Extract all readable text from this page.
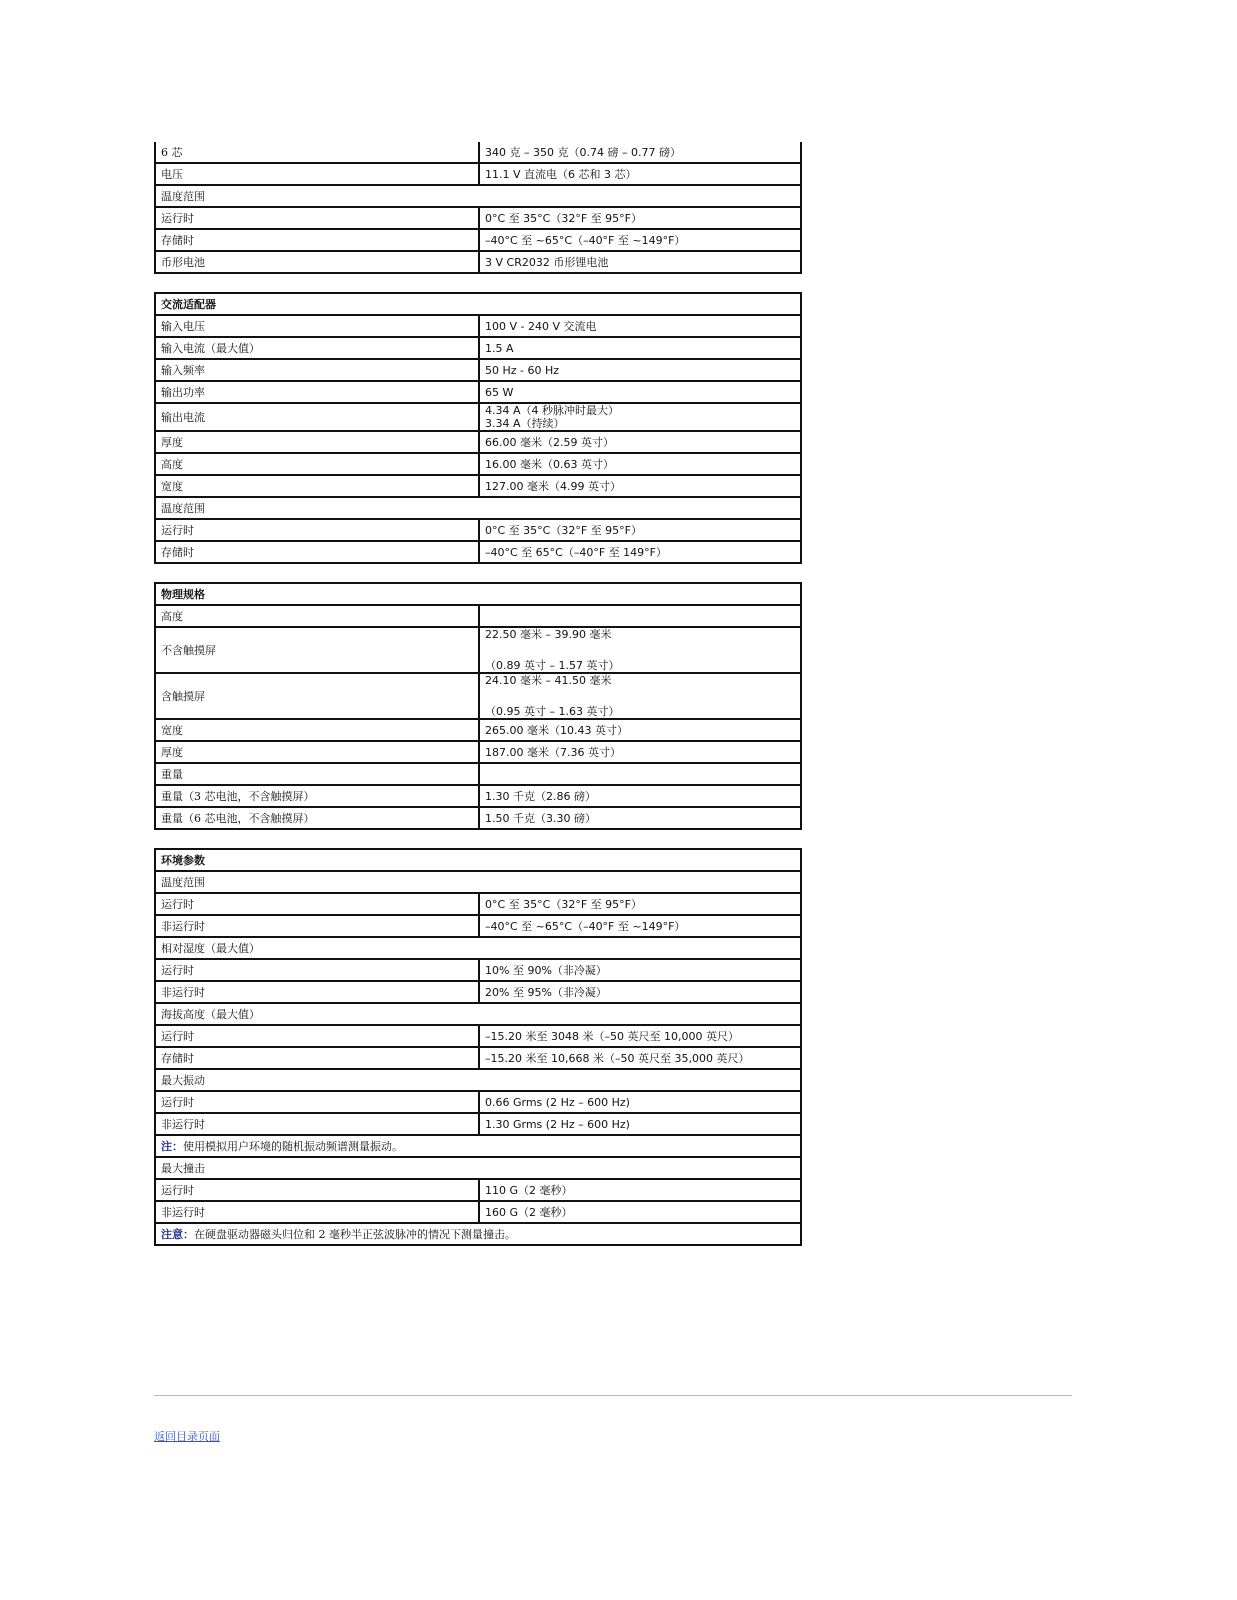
6 芯	340 克 – 350 克（0.74 磅 – 0.77 磅）
电压	11.1 V 直流电（6 芯和 3 芯）
温度范围	
运行时	0°C 至 35°C（32°F 至 95°F）
存储时	–40°C 至 ~65°C（–40°F 至 ~149°F）
币形电池	3 V CR2032 币形锂电池
交流适配器	
输入电压	100 V - 240 V 交流电
输入电流（最大值）	1.5 A
输入频率	50 Hz - 60 Hz
输出功率	65 W
输出电流	4.34 A（4 秒脉冲时最大）
3.34 A（持续）

厚度	66.00 毫米（2.59 英寸）
高度	16.00 毫米（0.63 英寸）
宽度	127.00 毫米（4.99 英寸）
温度范围	
运行时	0°C 至 35°C（32°F 至 95°F）
存储时	–40°C 至 65°C（–40°F 至 149°F）
物理规格	
高度	
不含触摸屏	22.50 毫米 – 39.90 毫米
（0.89 英寸 – 1.57 英寸）

含触摸屏	24.10 毫米 – 41.50 毫米
（0.95 英寸 – 1.63 英寸）

宽度	265.00 毫米（10.43 英寸）
厚度	187.00 毫米（7.36 英寸）
重量	
重量（3 芯电池，不含触摸屏）	1.30 千克（2.86 磅）
重量（6 芯电池，不含触摸屏）	1.50 千克（3.30 磅）
环境参数	
温度范围	
运行时	0°C 至 35°C（32°F 至 95°F）
非运行时	–40°C 至 ~65°C（–40°F 至 ~149°F）
相对湿度（最大值）	
运行时	10% 至 90%（非冷凝）
非运行时	20% 至 95%（非冷凝）
海拔高度（最大值）	
运行时	–15.20 米至 3048 米（–50 英尺至 10,000 英尺）
存储时	–15.20 米至 10,668 米（–50 英尺至 35,000 英尺）
最大振动	
运行时	0.66 Grms (2 Hz – 600 Hz)
非运行时	1.30 Grms (2 Hz – 600 Hz)
注：使用模拟用户环境的随机振动频谱测量振动。	
最大撞击	
运行时	110 G（2 毫秒）
非运行时	160 G（2 毫秒）
注意：在硬盘驱动器磁头归位和 2 毫秒半正弦波脉冲的情况下测量撞击。	
返回目录页面
